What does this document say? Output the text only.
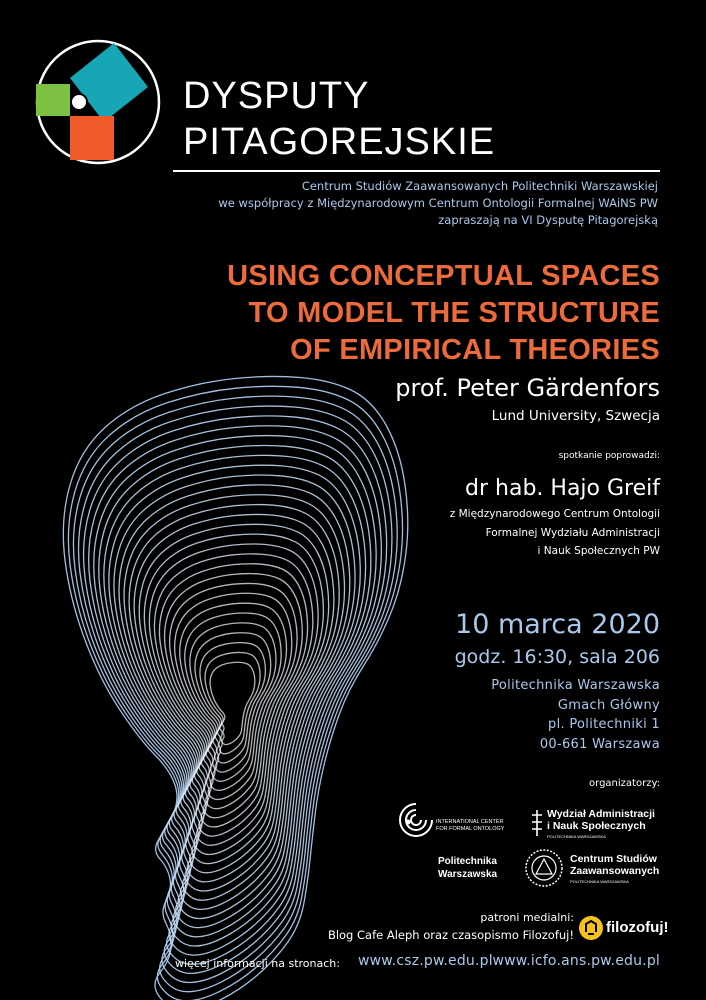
DYSPUTY
PITAGOREJSKIE
Centrum Studiów Zaawansowanych Politechniki Warszawskiej
we współpracy z Międzynarodowym Centrum Ontologii Formalnej WAiNS PW
zapraszają na VI Dysputę Pitagorejską
USING CONCEPTUAL SPACES
TO MODEL THE STRUCTURE
OF EMPIRICAL THEORIES
prof. Peter Gärdenfors
Lund University, Szwecja
spotkanie poprowadzi:
dr hab. Hajo Greif
z Międzynarodowego Centrum Ontologii
Formalnej Wydziału Administracji
i Nauk Społecznych PW
10 marca 2020
godz. 16:30, sala 206
Politechnika Warszawska
Gmach Główny
pl. Politechniki 1
00-661 Warszawa
organizatorzy:
INTERNATIONAL CENTER
FOR FORMAL ONTOLOGY
Wydział Administracji
i Nauk Społecznych
POLITECHNIKA WARSZAWSKA
Politechnika
Warszawska
Centrum Studiów
Zaawansowanych
POLITECHNIKA WARSZAWSKA
patroni medialni:
Blog Cafe Aleph oraz czasopismo Filozofuj! filozofuj!
więcej informacji na stronach: www.csz.pw.edu.pl www.icfo.ans.pw.edu.pl
